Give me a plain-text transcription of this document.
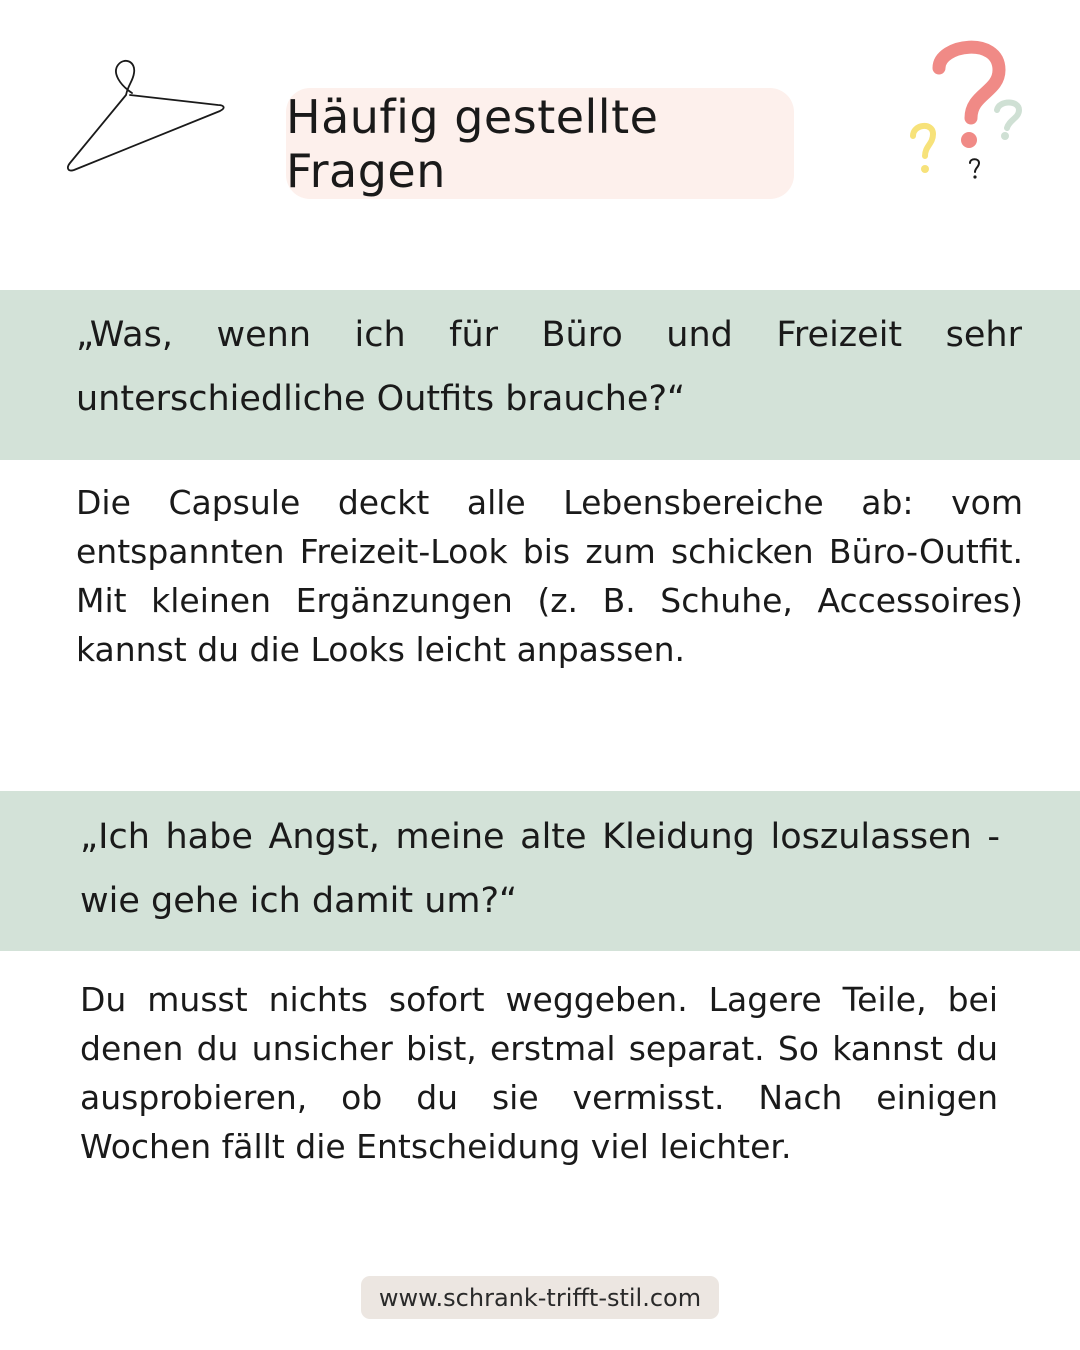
Häufig gestellte Fragen

„Was, wenn ich für Büro und Freizeit sehr unterschiedliche Outfits brauche?“

Die Capsule deckt alle Lebensbereiche ab: vom entspannten Freizeit-Look bis zum schicken Büro-Outfit. Mit kleinen Ergänzungen (z. B. Schuhe, Accessoires) kannst du die Looks leicht anpassen.

„Ich habe Angst, meine alte Kleidung loszulassen - wie gehe ich damit um?“

Du musst nichts sofort weggeben. Lagere Teile, bei denen du unsicher bist, erstmal separat. So kannst du ausprobieren, ob du sie vermisst. Nach einigen Wochen fällt die Entscheidung viel leichter.

www.schrank-trifft-stil.com
